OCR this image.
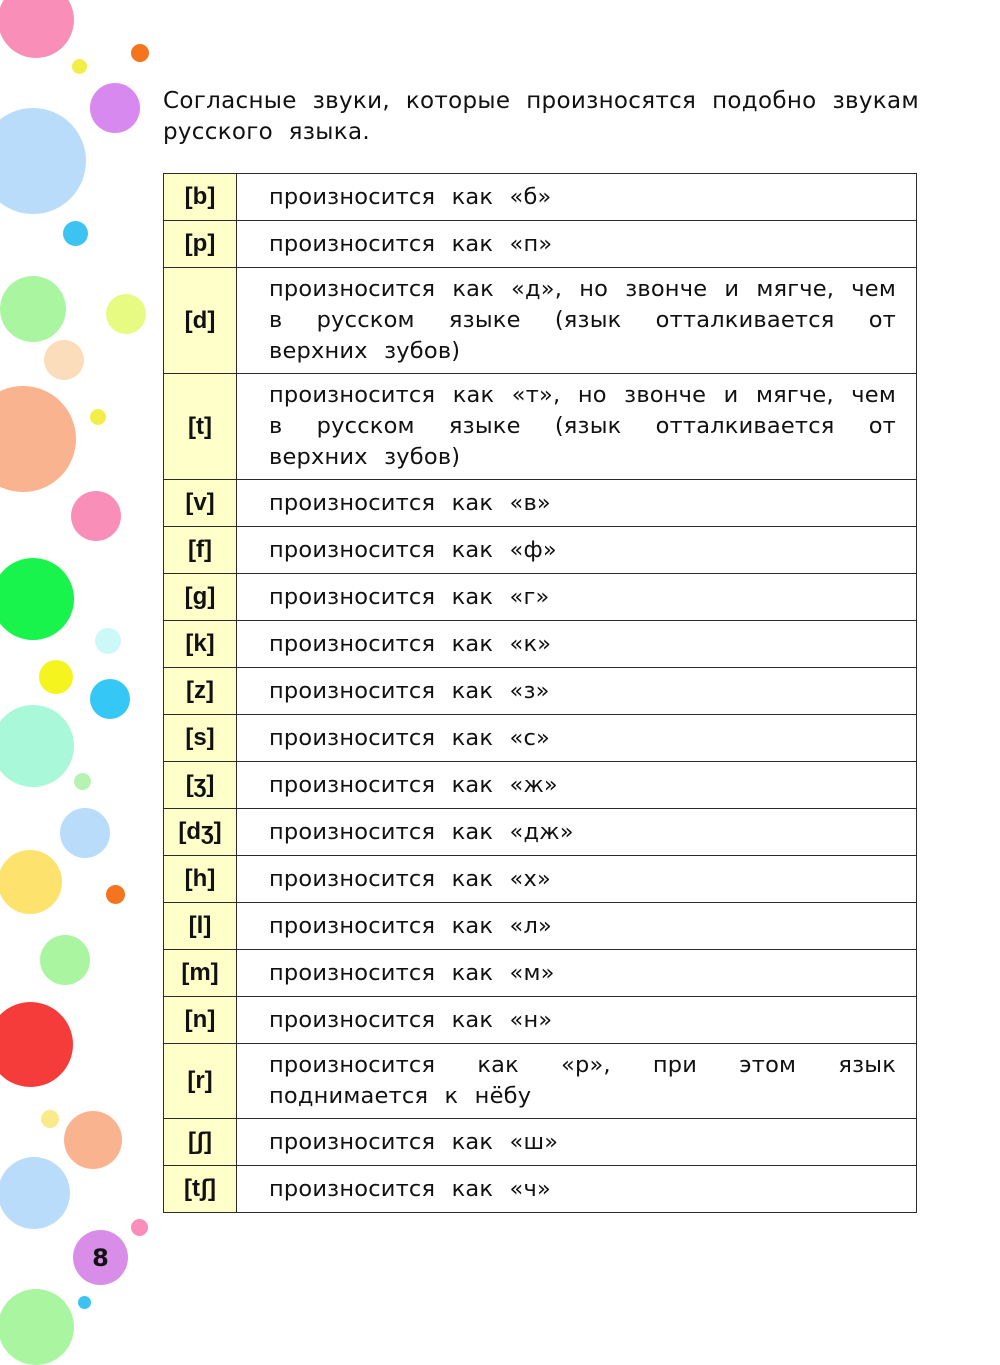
Согласные звуки, которые произносятся подобно звукам русского языка.

[b]	произносится как «б»
[p]	произносится как «п»
[d]	произносится как «д», но звонче и мягче, чем в русском языке (язык отталкивается от верхних зубов)
[t]	произносится как «т», но звонче и мягче, чем в русском языке (язык отталкивается от верхних зубов)
[v]	произносится как «в»
[f]	произносится как «ф»
[g]	произносится как «г»
[k]	произносится как «к»
[z]	произносится как «з»
[s]	произносится как «с»
[ʒ]	произносится как «ж»
[dʒ]	произносится как «дж»
[h]	произносится как «х»
[l]	произносится как «л»
[m]	произносится как «м»
[n]	произносится как «н»
[r]	произносится как «р», при этом язык поднимается к нёбу
[ʃ]	произносится как «ш»
[tʃ]	произносится как «ч»
8
